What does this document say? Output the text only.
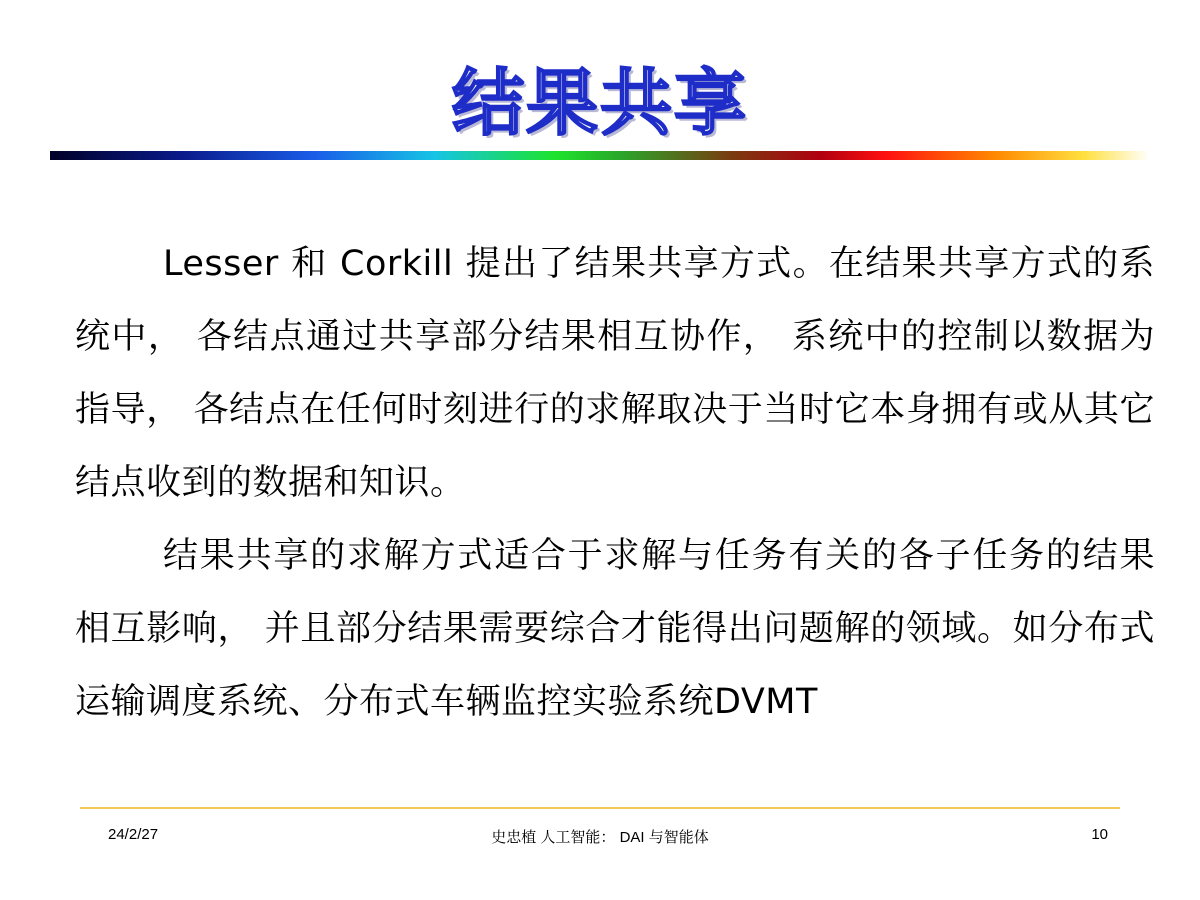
结果共享

Lesser 和 Corkill 提出了结果共享方式。在结果共享方式的系统中， 各结点通过共享部分结果相互协作， 系统中的控制以数据为指导， 各结点在任何时刻进行的求解取决于当时它本身拥有或从其它结点收到的数据和知识。

结果共享的求解方式适合于求解与任务有关的各子任务的结果相互影响， 并且部分结果需要综合才能得出问题解的领域。如分布式运输调度系统、分布式车辆监控实验系统DVMT

24/2/27	史忠植 人工智能： DAI 与智能体	10
